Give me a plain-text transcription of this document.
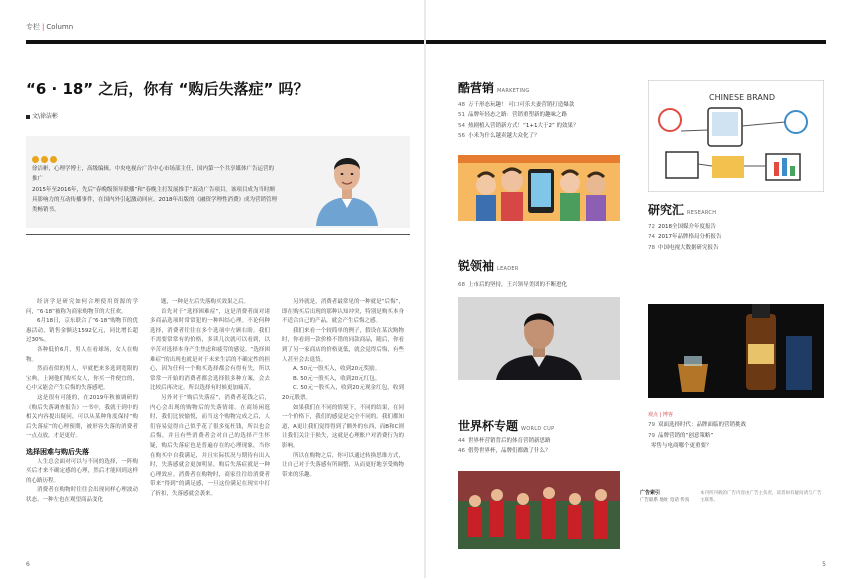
专栏 | Column
“6 · 18” 之后，你有 “购后失落症” 吗？
文\徐洁彬

徐洁彬，心理学博士，高级编辑。中央电视台广告中心市场部主任，国内第一个共享媒体广告运营的推广

2015年至2016年，先后“春晚级领导联播”和“春晚主打发展推手”双动广告项目。该项目成为当时颇具影响力的互动传播事件，在国内外引起激动回应。2018年出版的《融资学理性消费》成为营销管理类畅销书。

经济学是研究如何合理使用资源的学问，“6·18”被称为商家购物节的大狂欢。

6月18日，京东联合了“6·18”购物节的优惠活动，销售金额达1592亿元，同比增长超过30%。

各种低价6月，男人在看球场，女人在购物。

然而看似的男人，早就把来多选到宽限的宝典，上网他们购买女人，你买一件便宜的，心中又能会产生后悔的失落感吧。

这是很有可能的，在2019年秋被调研的《购后失落调查报告》一书中，我就于到中的相关内容提出疑问，可以从某种角度保持“购后失落症”的心理预期，被形容失落的消费者一点点放，才是更好。

选择困难与购后失落

人生总会面对可以与不同的选择，一阵购买后才来不确定感的心理，然后才能回到这样的心路历程。

消费者在购物时往往会出现同样心理波动状态。一种左也在观望商品变化

题，一种是左后失落购买效果之后。

首先对于“选择困难症”，这是消费者面对诸多商品选项时常常犯的一种纠结心理。不论何种选择，消费者往往在多个选项中左顾右盼。我们不需要常常有的价格，多读几次就可以看到，以辛苦对选择本身产生焦虑和疲劳的感觉。“选择困难症”的出现也就是对于未来生活的不确定性的担心，因为任何一个购买选择都会有得有失，所以常常一开始的消费者都会选择很多种方案，会去比较后再决定。所以选择有时候更加痛苦。

另外对于“购后失落症”，消费者花钱之后，内心会出现的购物后的失落情绪。在商场闲逛时，我们比较愉悦，而当这个购物完成之后，人们容易觉得自己似乎花了很多冤枉钱，所以也会后悔，并且有些消费者会对自己的选择产生怀疑，购后失落症也是普遍存在的心理现象，当你在购买中自我满足，并且实际状况与期待有出入时，失落感就会更加明显，购后失落症就是一种心理效应。消费者在购物时，商家往往给消费者带来“得到”的满足感，一旦这份满足在现实中打了折扣，失落感就会袭来。

另外就是，消费者最常见的一种就是“后悔”，即在购买后出现的那种认知冲突，特别是购买本身不适合自己的产品，就会产生后悔之感。

我们来看一个较简单的例子，假设在某次购物时，你看到一款价格不错的同款商品，随后，你看到了另一家商店的价格更低，就会觉得后悔，有些人甚至会去退货。

A. 50元一股买入，收到20元奖励。

B. 50元一股买入，收到20元红包。

C. 50元一股买入，收到20元现金红包，收到20元股票。

如果我们在不同的情境下，不同的结果，在同一个价格下，我们的感觉是完全不同的。我们都知道，A更让我们觉得得到了额外的东西，而B和C则让我们关注于损失，这就是心理账户对消费行为的影响。

所以在购物之后，你可以通过转换思维方式，让自己对于失落感有所调整，从而更好地享受购物带来的乐趣。

6
酷营销 MARKETING
48 万千形态玩趣！ 可口可乐夫妻营销打造爆款
51 品牌年轻态之路：营销重塑新的趣味之路
54 热剧植入营销新方式！“1+1大于2” 的效果？
56 小米为什么越卖越大众化了？
锐领袖 LEADER
68 上市后的坚持，王兴领导美团的不断进化
世界杯专题 WORLD CUP
44 世界杯营销背后的体育营销新思路
46 借势世界杯，品牌们都做了什么？
CHINESE BRAND
研究汇 RESEARCH
72 2018全国媒介年度报告
74 2017年品牌格局分析报告
78 中国电视大数据研究报告
观点 | 博客
79 双面选择时代：品牌面临的营销挑战
79 品牌营销的“创意策略”
零售与电商哪个更重要？
广告索引
广告联系 地址 电话 传真
本刊所刊载的广告内容由广告主负责，读者如有疑问请与广告主联系。
5
